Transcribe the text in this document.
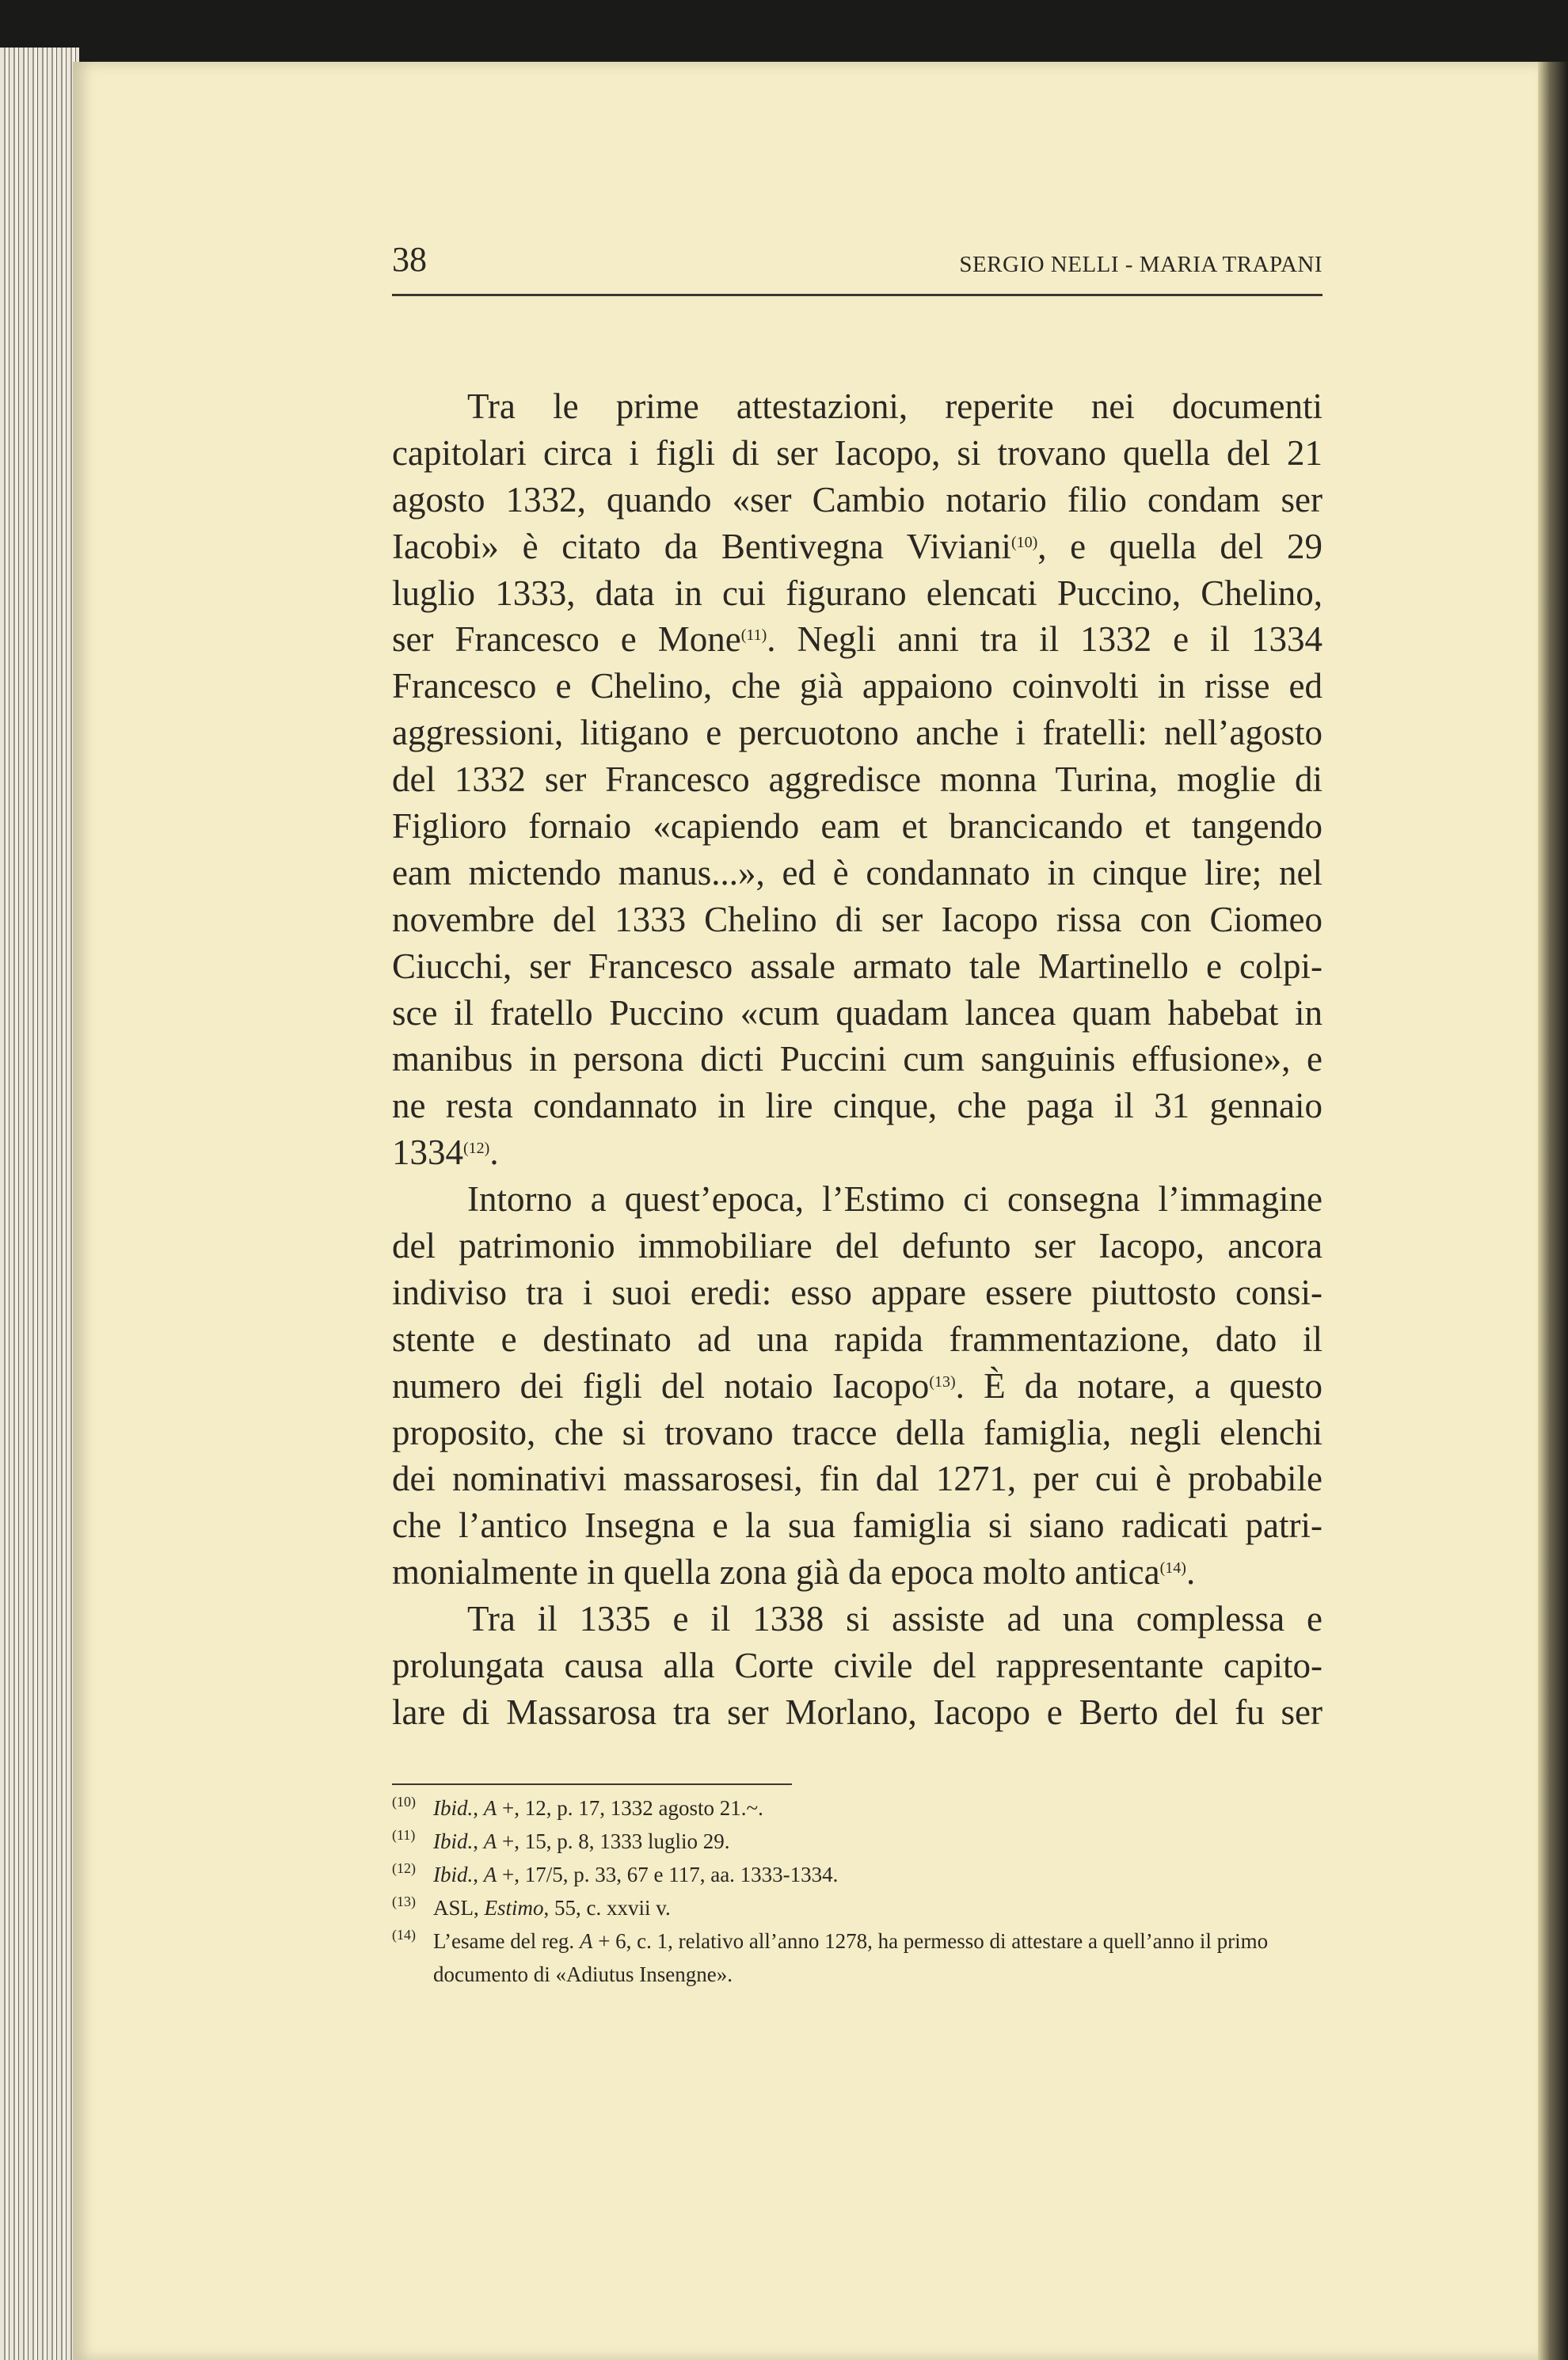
38	SERGIO NELLI - MARIA TRAPANI
Tra le prime attestazioni, reperite nei documenti
capitolari circa i figli di ser Iacopo, si trovano quella del 21
agosto 1332, quando «ser Cambio notario filio condam ser
Iacobi» è citato da Bentivegna Viviani$^{(10)}$, e quella del 29
luglio 1333, data in cui figurano elencati Puccino, Chelino,
ser Francesco e Mone$^{(11)}$. Negli anni tra il 1332 e il 1334
Francesco e Chelino, che già appaiono coinvolti in risse ed
aggressioni, litigano e percuotono anche i fratelli: nell’agosto
del 1332 ser Francesco aggredisce monna Turina, moglie di
Figlioro fornaio «capiendo eam et brancicando et tangendo
eam mictendo manus...», ed è condannato in cinque lire; nel
novembre del 1333 Chelino di ser Iacopo rissa con Ciomeo
Ciucchi, ser Francesco assale armato tale Martinello e colpi-
sce il fratello Puccino «cum quadam lancea quam habebat in
manibus in persona dicti Puccini cum sanguinis effusione», e
ne resta condannato in lire cinque, che paga il 31 gennaio
1334$^{(12)}$.
Intorno a quest’epoca, l’Estimo ci consegna l’immagine
del patrimonio immobiliare del defunto ser Iacopo, ancora
indiviso tra i suoi eredi: esso appare essere piuttosto consi-
stente e destinato ad una rapida frammentazione, dato il
numero dei figli del notaio Iacopo$^{(13)}$. È da notare, a questo
proposito, che si trovano tracce della famiglia, negli elenchi
dei nominativi massarosesi, fin dal 1271, per cui è probabile
che l’antico Insegna e la sua famiglia si siano radicati patri-
monialmente in quella zona già da epoca molto antica$^{(14)}$.
Tra il 1335 e il 1338 si assiste ad una complessa e
prolungata causa alla Corte civile del rappresentante capito-
lare di Massarosa tra ser Morlano, Iacopo e Berto del fu ser
(10) Ibid., A +, 12, p. 17, 1332 agosto 21.~.
(11) Ibid., A +, 15, p. 8, 1333 luglio 29.
(12) Ibid., A +, 17/5, p. 33, 67 e 117, aa. 1333-1334.
(13) ASL, Estimo, 55, c. xxvii v.
(14) L’esame del reg. A + 6, c. 1, relativo all’anno 1278, ha permesso di attestare a quell’anno il primo documento di «Adiutus Insengne».
